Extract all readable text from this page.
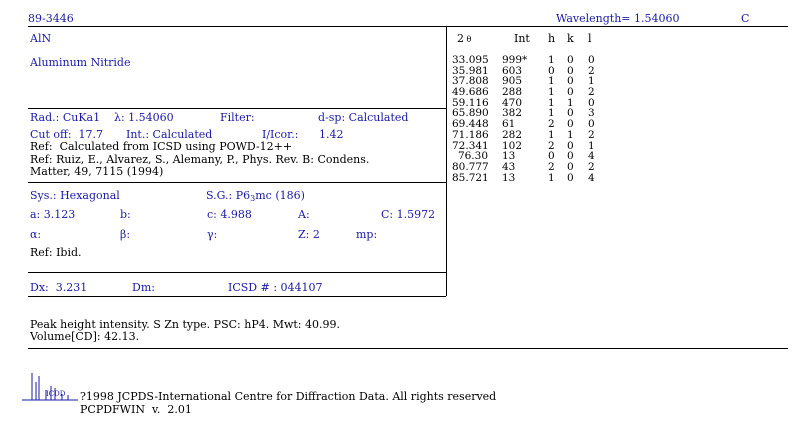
89-3446	Wavelength= 1.54060	C
AlN
Aluminum Nitride
Rad.: CuKa1 λ: 1.54060	Filter:	d-sp: Calculated
Cut off:  17.7 Int.: Calculated	I/Icor.: 1.42
Ref:  Calculated from ICSD using POWD-12++
Ref: Ruiz, E., Alvarez, S., Alemany, P., Phys. Rev. B: Condens.
Matter, 49, 7115 (1994)
Sys.: Hexagonal	S.G.: $P6_3mc$ (186)
a: 3.123	b:	c: 4.988	A:	C: 1.5972
α:	β:	γ:	Z: 2	mp:
Ref: Ibid.
Dx:  3.231	Dm:	ICSD # : 044107
Peak height intensity. S Zn type. PSC: hP4. Mwt: 40.99.
Volume[CD]: 42.13.
2 θ	Int h k l
33.095 999* 1 0 0
35.981 603 0 0 2
37.808 905 1 0 1
49.686 288 1 0 2
59.116 470 1 1 0
65.890 382 1 0 3
69.448 61	2 0 0
71.186 282 1 1 2
72.341 102 2 0 1
76.30 13	0 0 4
80.777 43	2 0 2
85.721 13	1 0 4
ICDD ?1998 JCPDS-International Centre for Diffraction Data. All rights reserved
PCPDFWIN  v.  2.01
